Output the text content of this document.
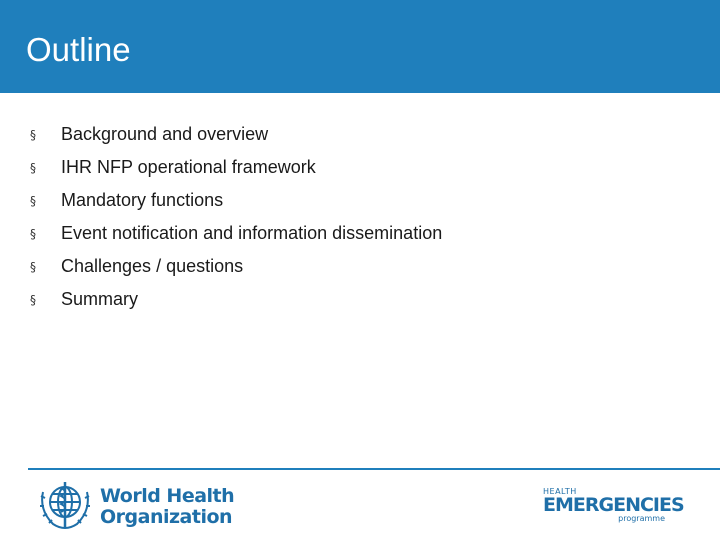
Outline
§	Background and overview
§	IHR NFP operational framework
§	Mandatory functions
§	Event notification and information dissemination
§	Challenges / questions
§	Summary
World Health
Organization
HEALTH
EMERGENCIES
programme
